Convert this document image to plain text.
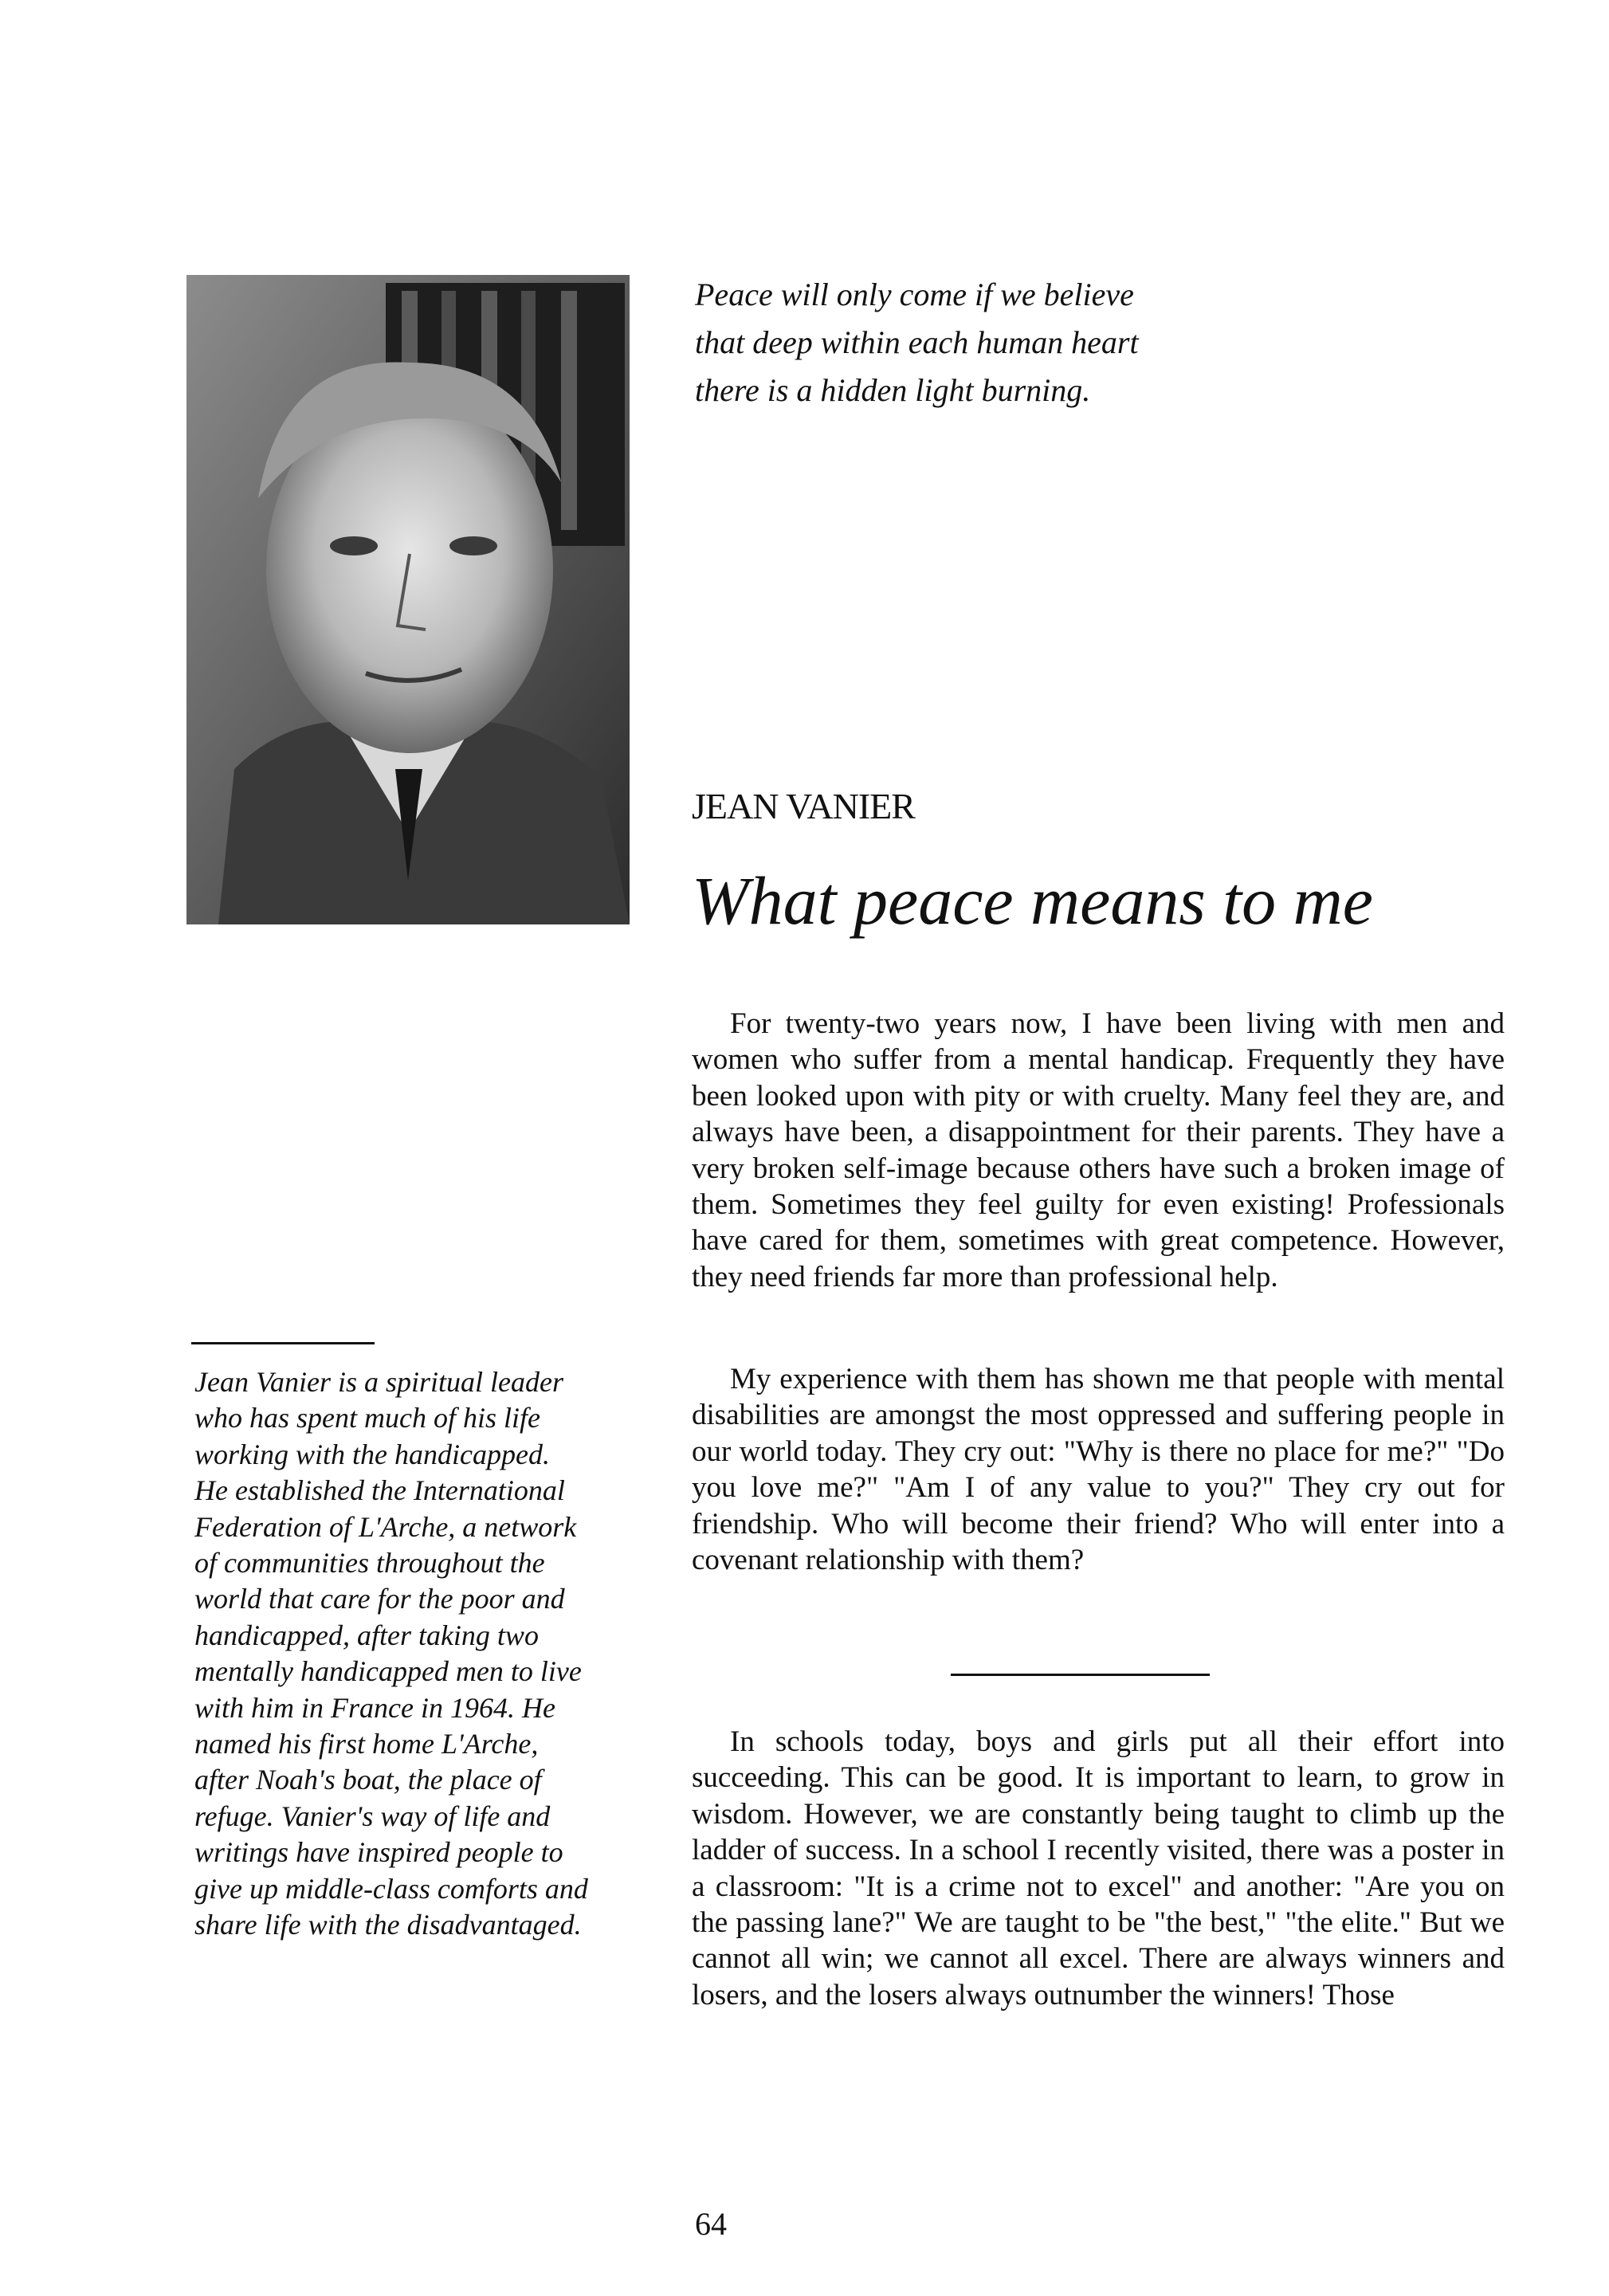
Peace will only come if we believe
that deep within each human heart
there is a hidden light burning.
JEAN VANIER
What peace means to me

For twenty-two years now, I have been living with men and women who suffer from a mental handicap. Frequently they have been looked upon with pity or with cruelty. Many feel they are, and always have been, a disappointment for their parents. They have a very broken self-image because others have such a broken image of them. Sometimes they feel guilty for even existing! Professionals have cared for them, sometimes with great competence. However, they need friends far more than professional help.

Jean Vanier is a spiritual leader
who has spent much of his life
working with the handicapped.
He established the International
Federation of L'Arche, a network
of communities throughout the
world that care for the poor and
handicapped, after taking two
mentally handicapped men to live
with him in France in 1964. He
named his first home L'Arche,
after Noah's boat, the place of
refuge. Vanier's way of life and
writings have inspired people to
give up middle-class comforts and
share life with the disadvantaged.

My experience with them has shown me that people with mental disabilities are amongst the most oppressed and suffering people in our world today. They cry out: "Why is there no place for me?" "Do you love me?" "Am I of any value to you?" They cry out for friendship. Who will become their friend? Who will enter into a covenant relationship with them?

In schools today, boys and girls put all their effort into succeeding. This can be good. It is important to learn, to grow in wisdom. However, we are constantly being taught to climb up the ladder of success. In a school I recently visited, there was a poster in a classroom: "It is a crime not to excel" and another: "Are you on the passing lane?" We are taught to be "the best," "the elite." But we cannot all win; we cannot all excel. There are always winners and losers, and the losers always outnumber the winners! Those

64
